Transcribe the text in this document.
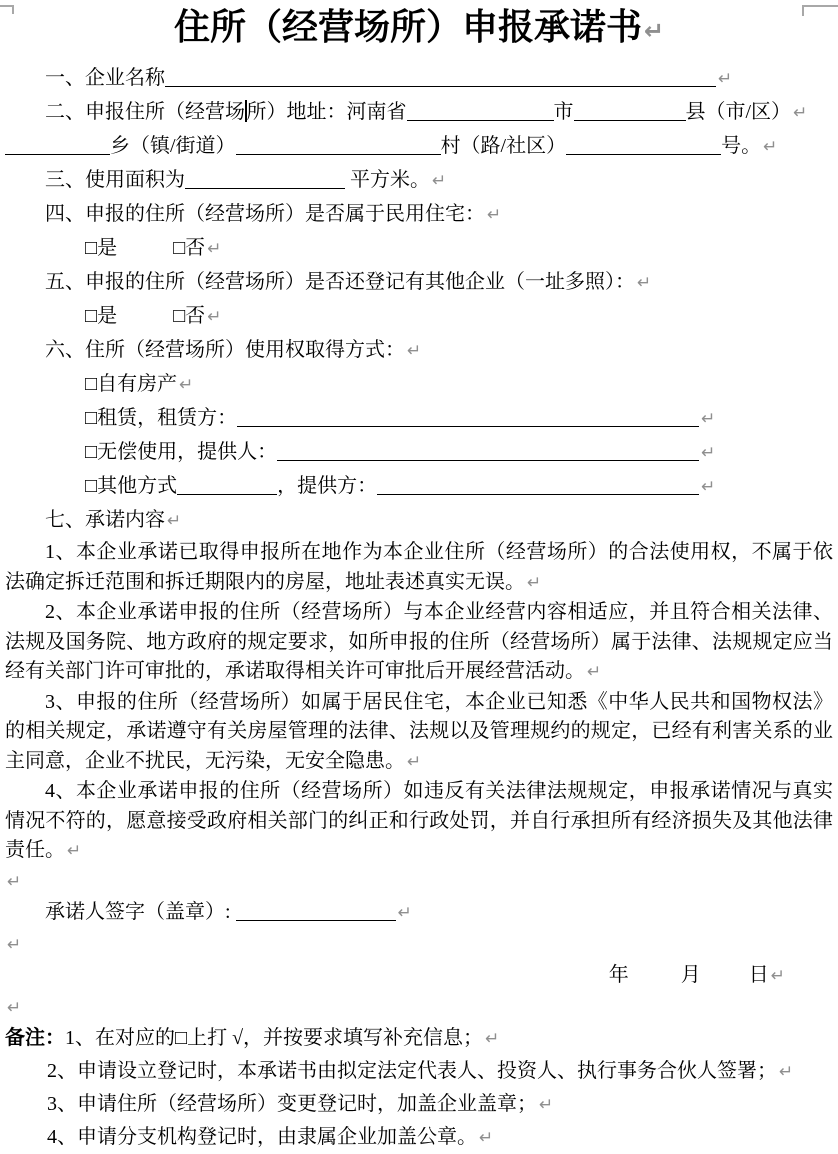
住所（经营场所）申报承诺书↵
一、企业名称	↵
二、申报住所（经营场所）地址：河南省	市	县（市/区） ↵
乡（镇/街道）	村（路/社区）	号。 ↵
三、使用面积为	平方米。 ↵
四、申报的住所（经营场所）是否属于民用住宅： ↵
□是	□否 ↵
五、申报的住所（经营场所）是否还登记有其他企业（一址多照）： ↵
□是	□否 ↵
六、住所（经营场所）使用权取得方式： ↵
□自有房产 ↵
□租赁，租赁方：	↵
□无偿使用，提供人：	↵
□其他方式	，提供方：	↵
七、承诺内容 ↵

1、本企业承诺已取得申报所在地作为本企业住所（经营场所）的合法使用权，不属于依法确定拆迁范围和拆迁期限内的房屋，地址表述真实无误。 ↵

2、本企业承诺申报的住所（经营场所）与本企业经营内容相适应，并且符合相关法律、法规及国务院、地方政府的规定要求，如所申报的住所（经营场所）属于法律、法规规定应当经有关部门许可审批的，承诺取得相关许可审批后开展经营活动。 ↵

3、申报的住所（经营场所）如属于居民住宅，本企业已知悉《中华人民共和国物权法》的相关规定，承诺遵守有关房屋管理的法律、法规以及管理规约的规定，已经有利害关系的业主同意，企业不扰民，无污染，无安全隐患。 ↵

4、本企业承诺申报的住所（经营场所）如违反有关法律法规规定，申报承诺情况与真实情况不符的，愿意接受政府相关部门的纠正和行政处罚，并自行承担所有经济损失及其他法律责任。 ↵

↵
承诺人签字（盖章）:	↵
↵
年	月 日 ↵
↵
备注：1、在对应的□上打 √，并按要求填写补充信息； ↵
2、申请设立登记时，本承诺书由拟定法定代表人、投资人、执行事务合伙人签署； ↵
3、申请住所（经营场所）变更登记时，加盖企业盖章； ↵
4、申请分支机构登记时，由隶属企业加盖公章。 ↵
